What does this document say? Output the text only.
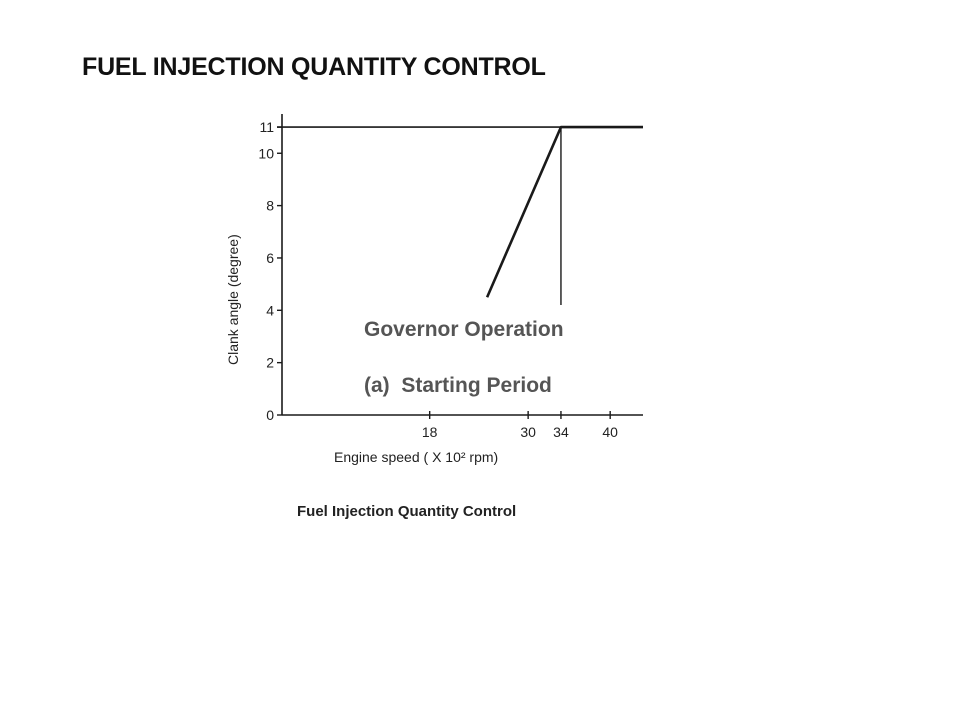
FUEL INJECTION QUANTITY CONTROL
0
2
4
6
8
10
11
18	30 34 40
Governor Operation
(a)  Starting Period
Engine speed ( X 10² rpm)
Clank angle (degree)
Fuel Injection Quantity Control
